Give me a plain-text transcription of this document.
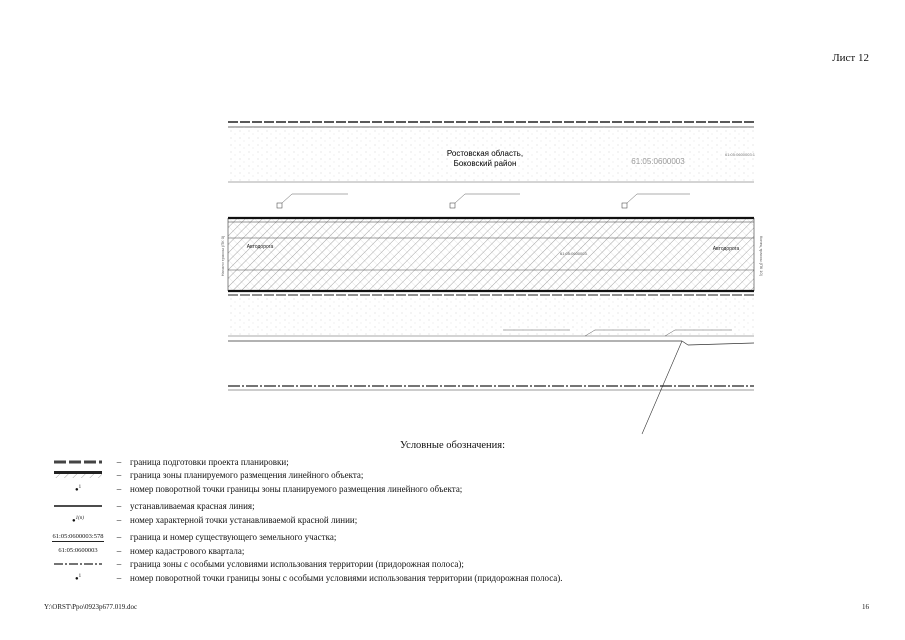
Лист 12
Ростовская область,
Боковский район	61:05:0600003
61:05:0600003:1
Автодорога	Автодорога
61:05:0600003
Начало трассы (ПК 0)	Конец трассы (ПК 10)
Условные обозначения:
– граница подготовки проекта планировки;
– граница зоны планируемого размещения линейного объекта;
●$^1$	– номер поворотной точки границы зоны планируемого размещения линейного объекта;
– устанавливаемая красная линия;
●$^{1(п)}$	– номер характерной точки устанавливаемой красной линии;
61:05:0600003:578	– граница и номер существующего земельного участка;
61:05:0600003	– номер кадастрового квартала;
– граница зоны с особыми условиями использования территории (придорожная полоса);
●$^1$	– номер поворотной точки границы зоны с особыми условиями использования территории (придорожная полоса).
Y:\ORST\Ppo\0923p677.019.doc	16
